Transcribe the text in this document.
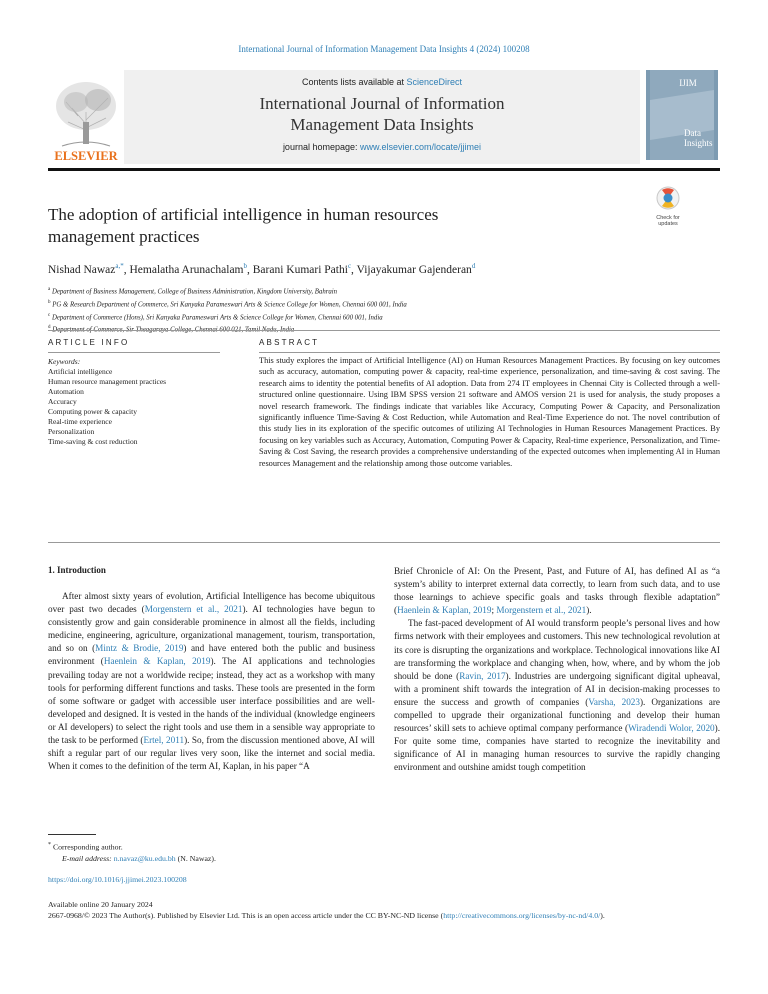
International Journal of Information Management Data Insights 4 (2024) 100208
ELSEVIER
Contents lists available at ScienceDirect
International Journal of Information
Management Data Insights
journal homepage: www.elsevier.com/locate/jjimei
IJIM
Data
Insights
Check for
updates
The adoption of artificial intelligence in human resources
management practices
Nishad Nawaz$^{a,*}$, Hemalatha Arunachalam$^b$, Barani Kumari Pathi$^c$, Vijayakumar Gajenderan$^d$
$^a$ Department of Business Management, College of Business Administration, Kingdom University, Bahrain
$^b$ PG & Research Department of Commerce, Sri Kanyaka Parameswari Arts & Science College for Women, Chennai 600 001, India
$^c$ Department of Commerce (Hons), Sri Kanyaka Parameswari Arts & Science College for Women, Chennai 600 001, India
$^d$
ARTICLE INFO
Keywords:
Artificial intelligence
Human resource management practices
Automation
Accuracy
Computing power & capacity
Real-time experience
Personalization
Time-saving & cost reduction
ABSTRACT

This study explores the impact of Artificial Intelligence (AI) on Human Resources Management Practices. By focusing on key outcomes such as accuracy, automation, computing power & capacity, real-time experience, personalization, and time-saving & cost saving. The research aims to identity the potential benefits of AI adoption. Data from 274 IT employees in Chennai City is Collected through a well-structured online questionnaire. Using IBM SPSS version 21 software and AMOS version 21 is used for analysis, the study proposes a novel research framework. The findings indicate that variables like Accuracy, Computing Power & Capacity, and Personalization significantly influence Time-Saving & Cost Reduction, while Automation and Real-Time Experience do not. The novel contribution of this study lies in its exploration of the specific outcomes of utilizing AI Technologies in Human Resources Management Practices. By focusing on key variables such as Accuracy, Automation, Computing Power & Capacity, Real-time experience, Personalization, and Time-Saving & Cost Saving, the research provides a comprehensive understanding of the expected outcomes when implementing AI in Human resources Management and the relationship among those outcome variables.

1. Introduction

After almost sixty years of evolution, Artificial Intelligence has become ubiquitous over past two decades (Morgenstern et al., 2021). AI technologies have begun to consistently grow and gain considerable prominence in almost all the fields, including medicine, engineering, agriculture, organizational management, tourism, transportation, and so on (Mintz & Brodie, 2019) and have entered both the public and business environment (Haenlein & Kaplan, 2019). The AI applications and technologies prevailing today are not a worldwide recipe; instead, they act as a workshop with many tools for performing different functions and tasks. These tools are presented in the form of some software or gadget with accessible user interface possibilities and are well-developed and designed. It is vested in the hands of the individual (knowledge engineers or AI developers) to select the right tools and use them in a sensible way appropriate to the task to be performed (Ertel, 2011). So, from the discussion mentioned above, AI will shift a regular part of our regular lives very soon, like the internet and social media. When it comes to the definition of the term AI, Kaplan, in his paper “A

Brief Chronicle of AI: On the Present, Past, and Future of AI, has defined AI as “a system’s ability to interpret external data correctly, to learn from such data, and to use those learnings to achieve specific goals and tasks through flexible adaptation” (Haenlein & Kaplan, 2019; Morgenstern et al., 2021).

The fast-paced development of AI would transform people’s personal lives and how firms network with their employees and customers. This new technological revolution at its core is disrupting the organizations and workplace. Technological innovations like AI are transforming the workplace and changing when, how, where, and by whom the job should be done (Ravin, 2017). Industries are undergoing significant digital upheaval, with a prominent shift towards the integration of AI in decision-making processes to ensure the success and growth of companies (Varsha, 2023). Organizations are compelled to upgrade their organizational functioning and develop their human resources’ skill sets to achieve optimal company performance (Wiradendi Wolor, 2020). For quite some time, companies have started to recognize the inevitability and significance of AI in managing human resources to survive the rapidly changing environment and outshine amidst tough competition

* Corresponding author.
E-mail address: n.navaz@ku.edu.bh (N. Nawaz).
https://doi.org/10.1016/j.jjimei.2023.100208
Available online 20 January 2024
2667-0968/© 2023 The Author(s). Published by Elsevier Ltd. This is an open access article under the CC BY-NC-ND license (http://creativecommons.org/licenses/by-nc-nd/4.0/).
